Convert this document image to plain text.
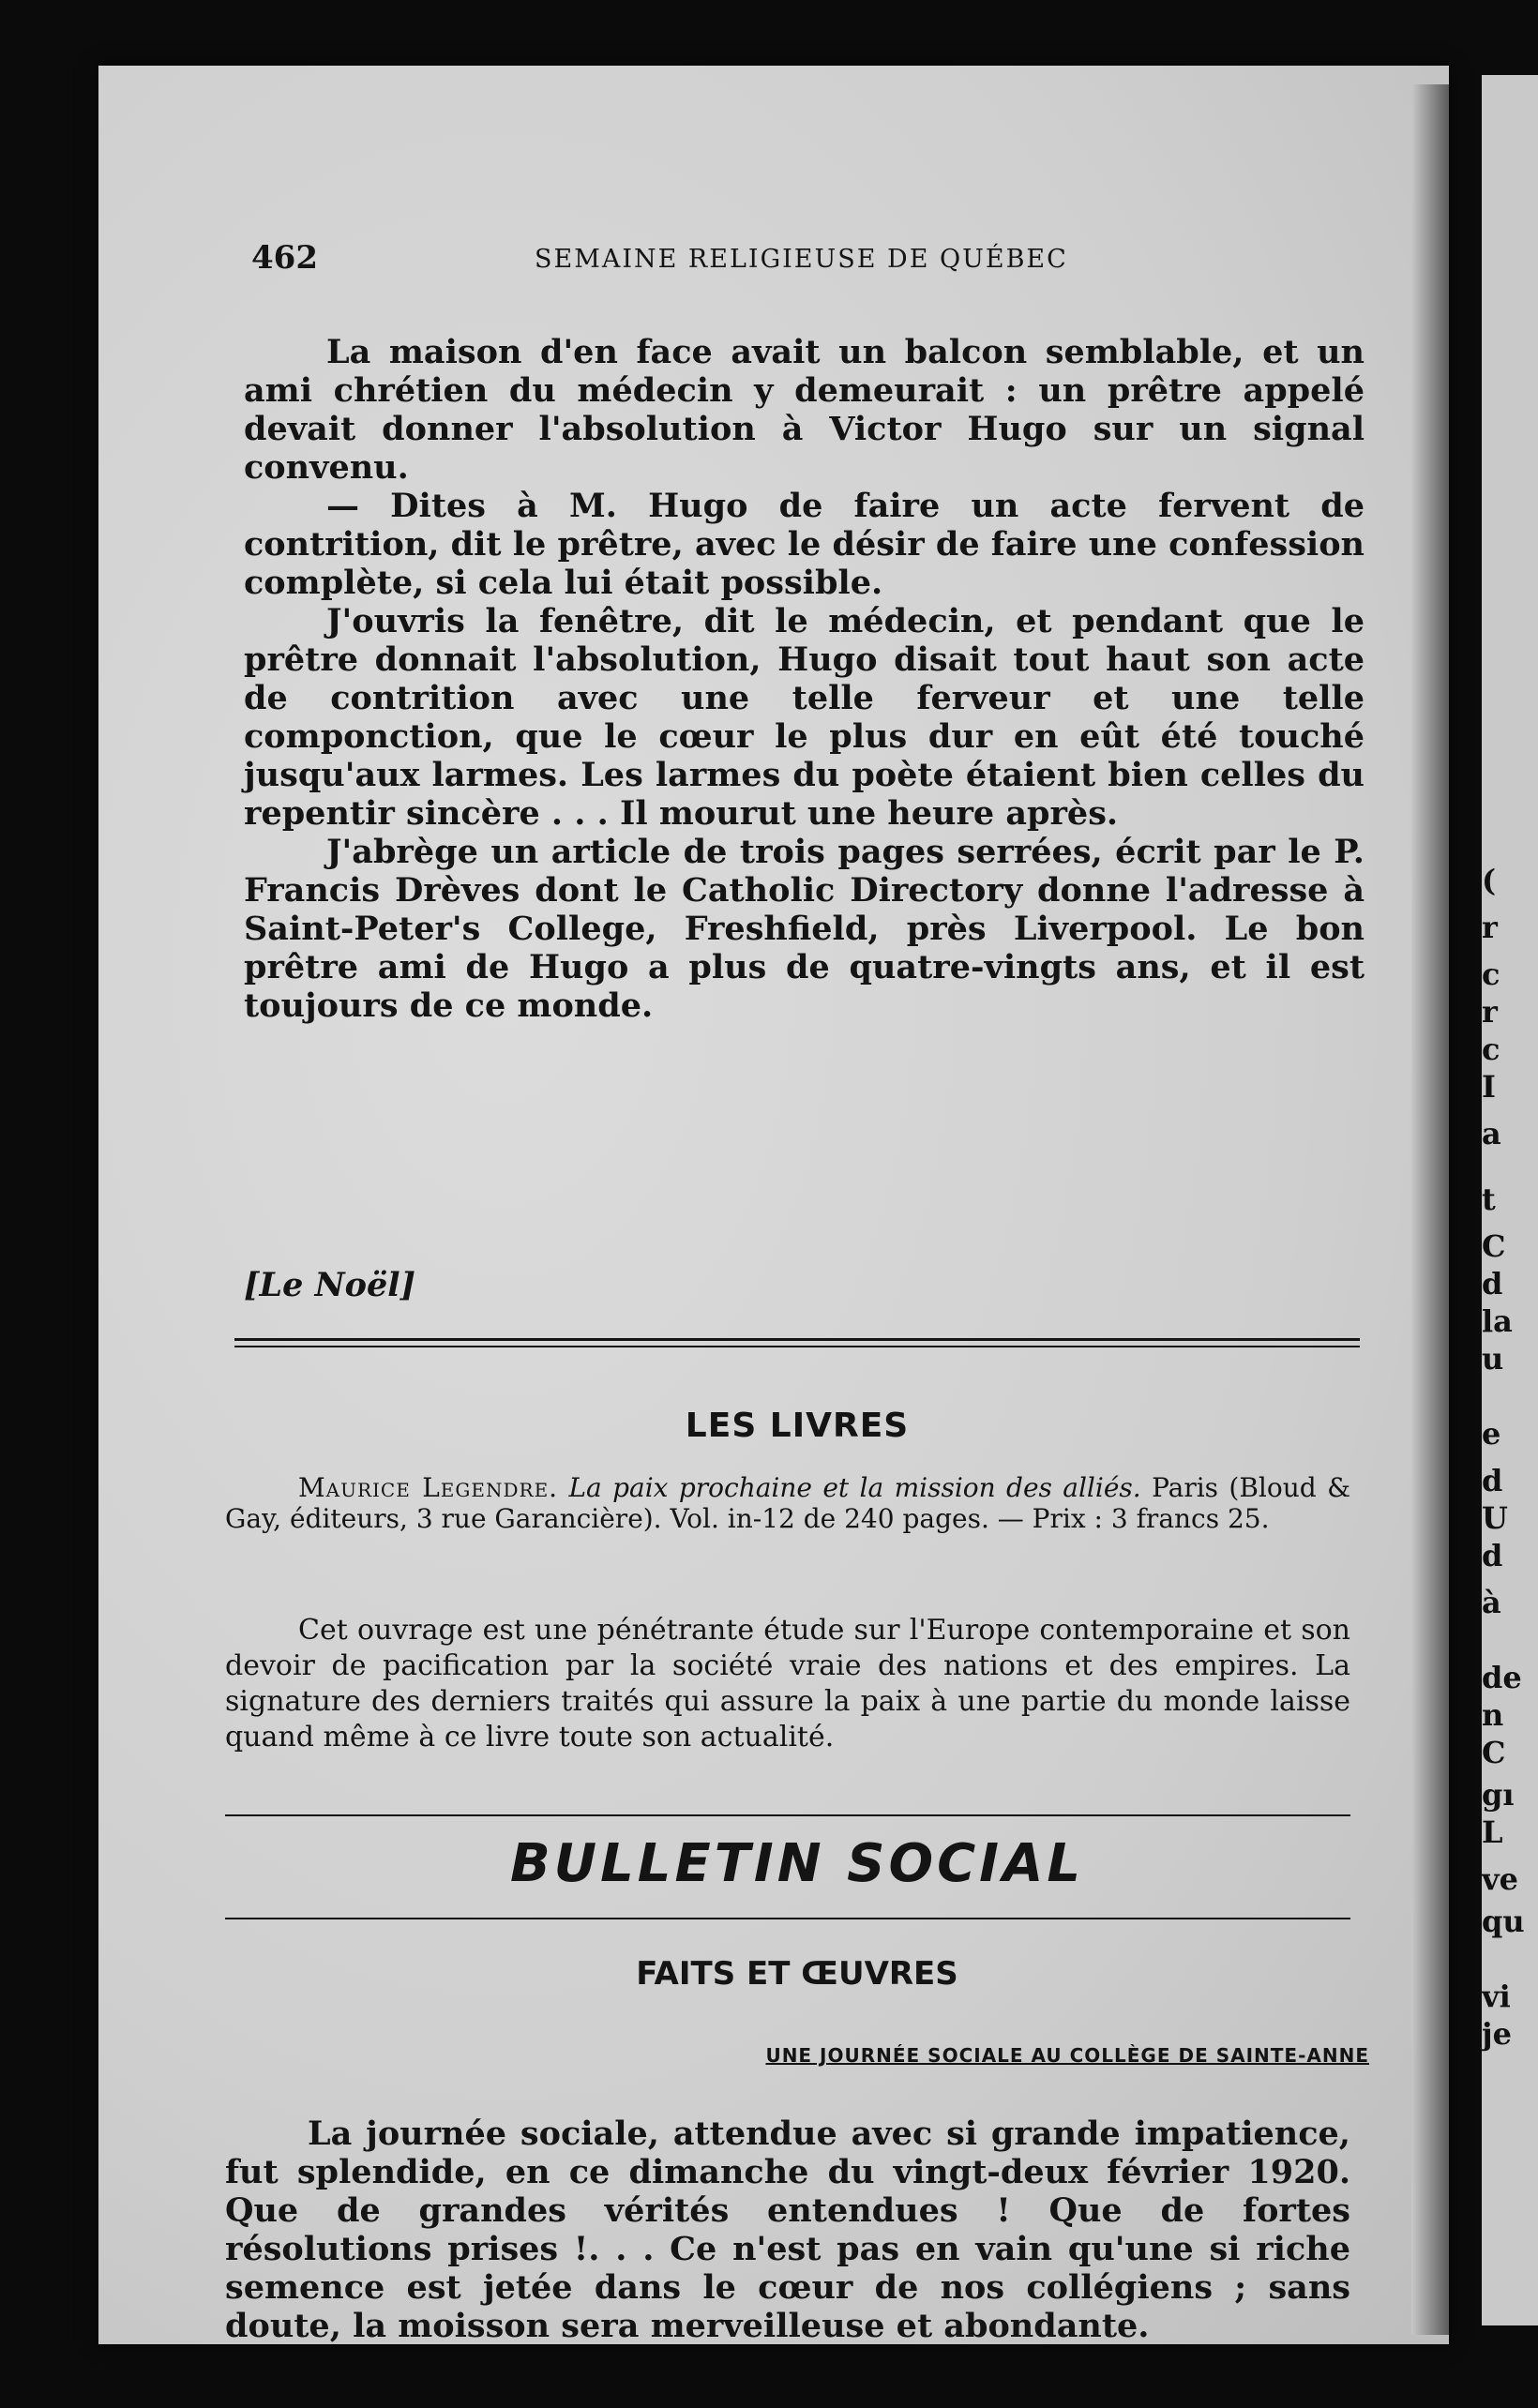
(
r
c
r
c
I
a
t
C
d
la
u
e
d
U
d
à
de
n
C
gı
L
ve
qu
vi
je
462	SEMAINE RELIGIEUSE DE QUÉBEC

La maison d'en face avait un balcon semblable, et un ami chrétien du médecin y demeurait : un prêtre appelé devait donner l'absolution à Victor Hugo sur un signal convenu.

— Dites à M. Hugo de faire un acte fervent de contrition, dit le prêtre, avec le désir de faire une confession complète, si cela lui était possible.

J'ouvris la fenêtre, dit le médecin, et pendant que le prêtre donnait l'absolution, Hugo disait tout haut son acte de contrition avec une telle ferveur et une telle componction, que le cœur le plus dur en eût été touché jusqu'aux larmes. Les larmes du poète étaient bien celles du repentir sincère . . . Il mourut une heure après.

J'abrège un article de trois pages serrées, écrit par le P. Francis Drèves dont le Catholic Directory donne l'adresse à Saint-Peter's College, Freshfield, près Liverpool. Le bon prêtre ami de Hugo a plus de quatre-vingts ans, et il est toujours de ce monde.

[Le Noël]
LES LIVRES
Maurice Legendre. La paix prochaine et la mission des alliés. Paris (Bloud & Gay, éditeurs, 3 rue Garancière). Vol. in-12 de 240 pages. — Prix : 3 francs 25.

Cet ouvrage est une pénétrante étude sur l'Europe contemporaine et son devoir de pacification par la société vraie des nations et des empires. La signature des derniers traités qui assure la paix à une partie du monde laisse quand même à ce livre toute son actualité.

BULLETIN SOCIAL
FAITS ET ŒUVRES
UNE JOURNÉE SOCIALE AU COLLÈGE DE SAINTE-ANNE

La journée sociale, attendue avec si grande impatience, fut splendide, en ce dimanche du vingt-deux février 1920. Que de grandes vérités entendues ! Que de fortes résolutions prises !. . . Ce n'est pas en vain qu'une si riche semence est jetée dans le cœur de nos collégiens ; sans doute, la moisson sera merveilleuse et abondante.
